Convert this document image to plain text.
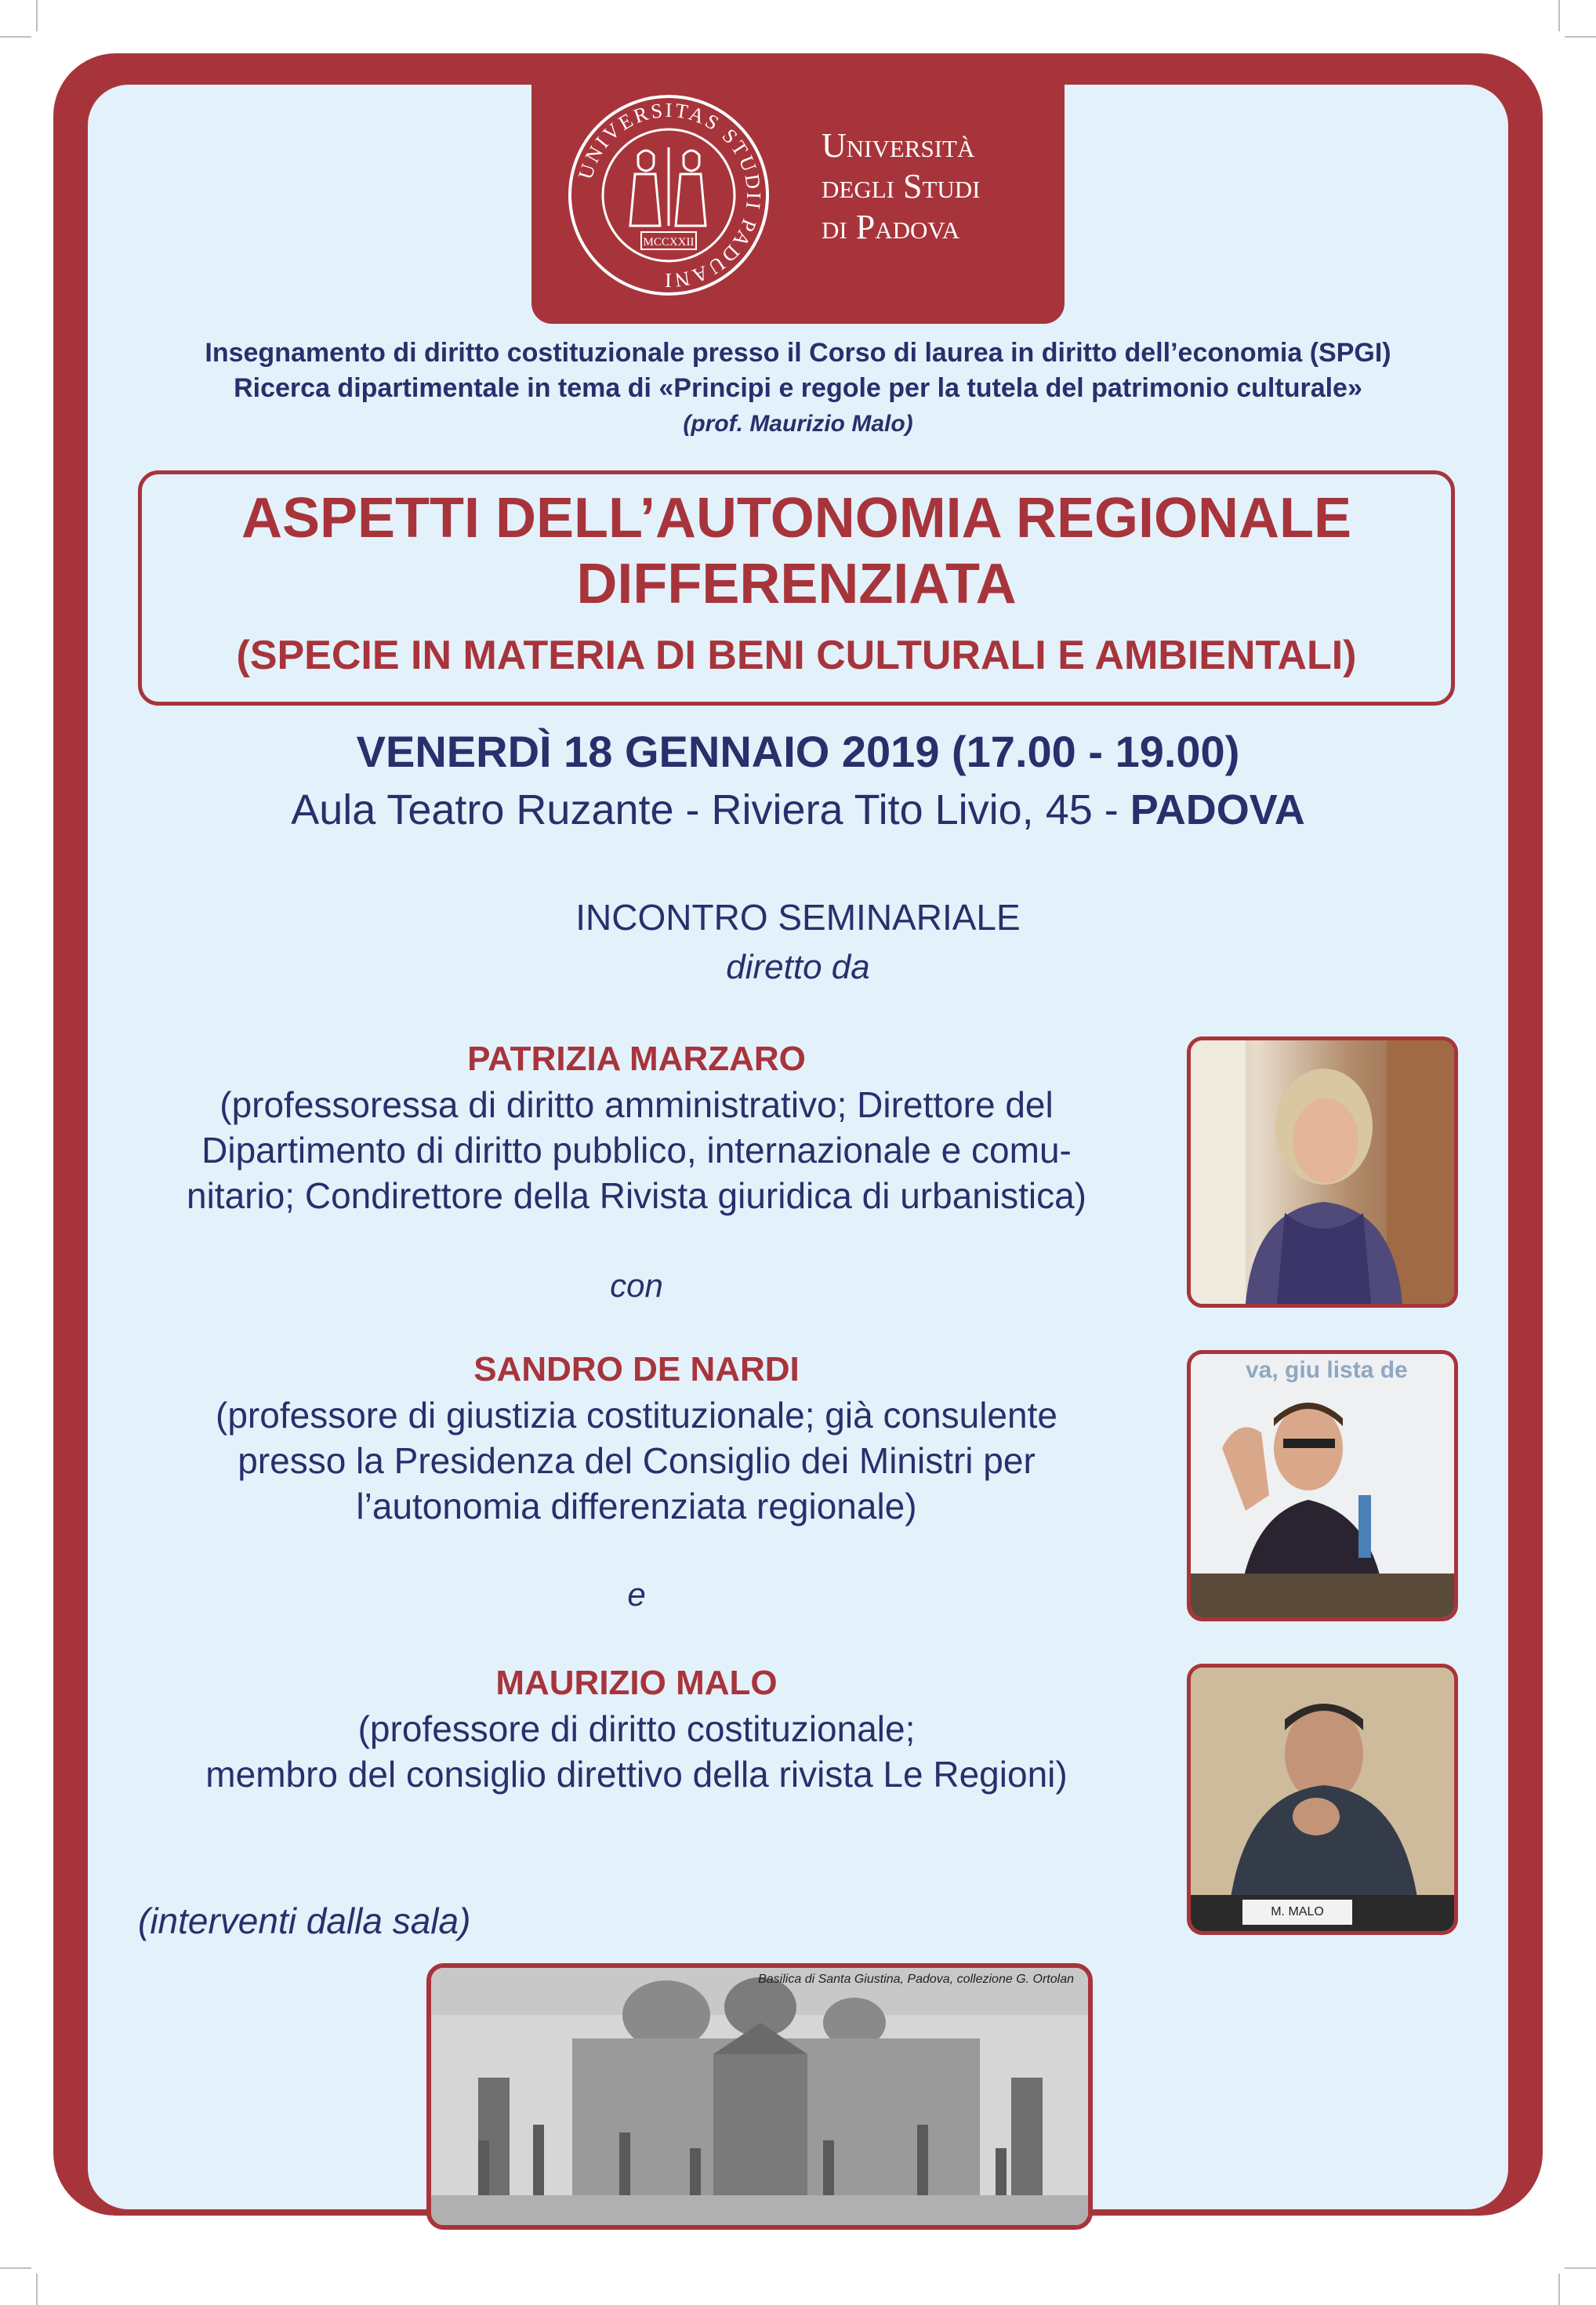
UNIVERSITAS STUDII PADUANI
MCCXXII
Università
degli Studi
di Padova
Insegnamento di diritto costituzionale presso il Corso di laurea in diritto dell’economia (SPGI)
Ricerca dipartimentale in tema di «Principi e regole per la tutela del patrimonio culturale»
(prof. Maurizio Malo)
ASPETTI DELL’AUTONOMIA REGIONALE
DIFFERENZIATA
(SPECIE IN MATERIA DI BENI CULTURALI E AMBIENTALI)
VENERDÌ 18 GENNAIO 2019 (17.00 - 19.00)
Aula Teatro Ruzante - Riviera Tito Livio, 45 - PADOVA
INCONTRO SEMINARIALE
diretto da
PATRIZIA MARZARO
(professoressa di diritto amministrativo; Direttore del
Dipartimento di diritto pubblico, internazionale e comu-
nitario; Condirettore della Rivista giuridica di urbanistica)
con
SANDRO DE NARDI
(professore di giustizia costituzionale; già consulente
presso la Presidenza del Consiglio dei Ministri per
l’autonomia differenziata regionale)
e
MAURIZIO MALO
(professore di diritto costituzionale;
membro del consiglio direttivo della rivista Le Regioni)
va, giu lista de
M. MALO
(interventi dalla sala)
Basilica di Santa Giustina, Padova, collezione G. Ortolan
INGRESSO LIBERO - Per informazioni: maurizio.malo@unipd.it - Cell. 331 1728950
